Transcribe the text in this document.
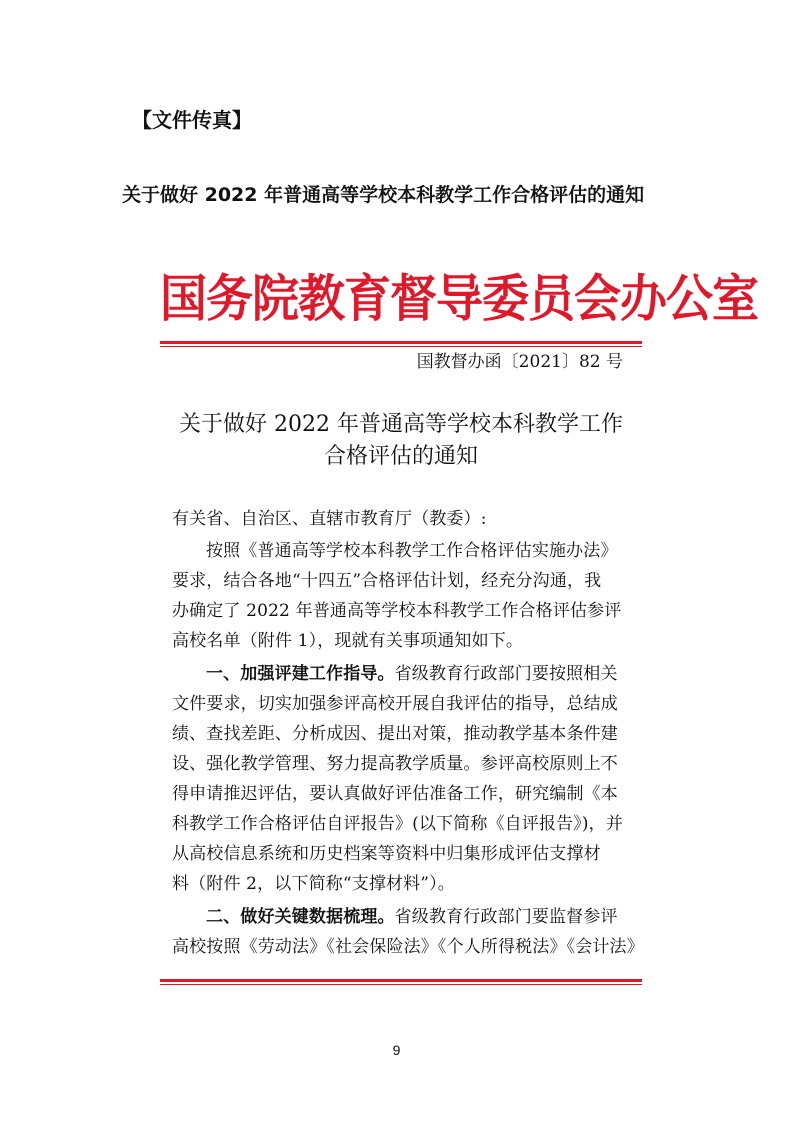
【文件传真】
关于做好 2022 年普通高等学校本科教学工作合格评估的通知
国务院教育督导委员会办公室
国教督办函〔2021〕82 号
关于做好 2022 年普通高等学校本科教学工作
合格评估的通知
有关省、自治区、直辖市教育厅（教委）:
按照《普通高等学校本科教学工作合格评估实施办法》
要求，结合各地“十四五”合格评估计划，经充分沟通，我
办确定了 2022 年普通高等学校本科教学工作合格评估参评
高校名单（附件 1），现就有关事项通知如下。
一、加强评建工作指导。省级教育行政部门要按照相关
文件要求，切实加强参评高校开展自我评估的指导，总结成
绩、查找差距、分析成因、提出对策，推动教学基本条件建
设、强化教学管理、努力提高教学质量。参评高校原则上不
得申请推迟评估，要认真做好评估准备工作，研究编制《本
科教学工作合格评估自评报告》(以下简称《自评报告》)，并
从高校信息系统和历史档案等资料中归集形成评估支撑材
料（附件 2，以下简称“支撑材料”）。
二、做好关键数据梳理。省级教育行政部门要监督参评
高校按照《劳动法》《社会保险法》《个人所得税法》《会计法》
9
